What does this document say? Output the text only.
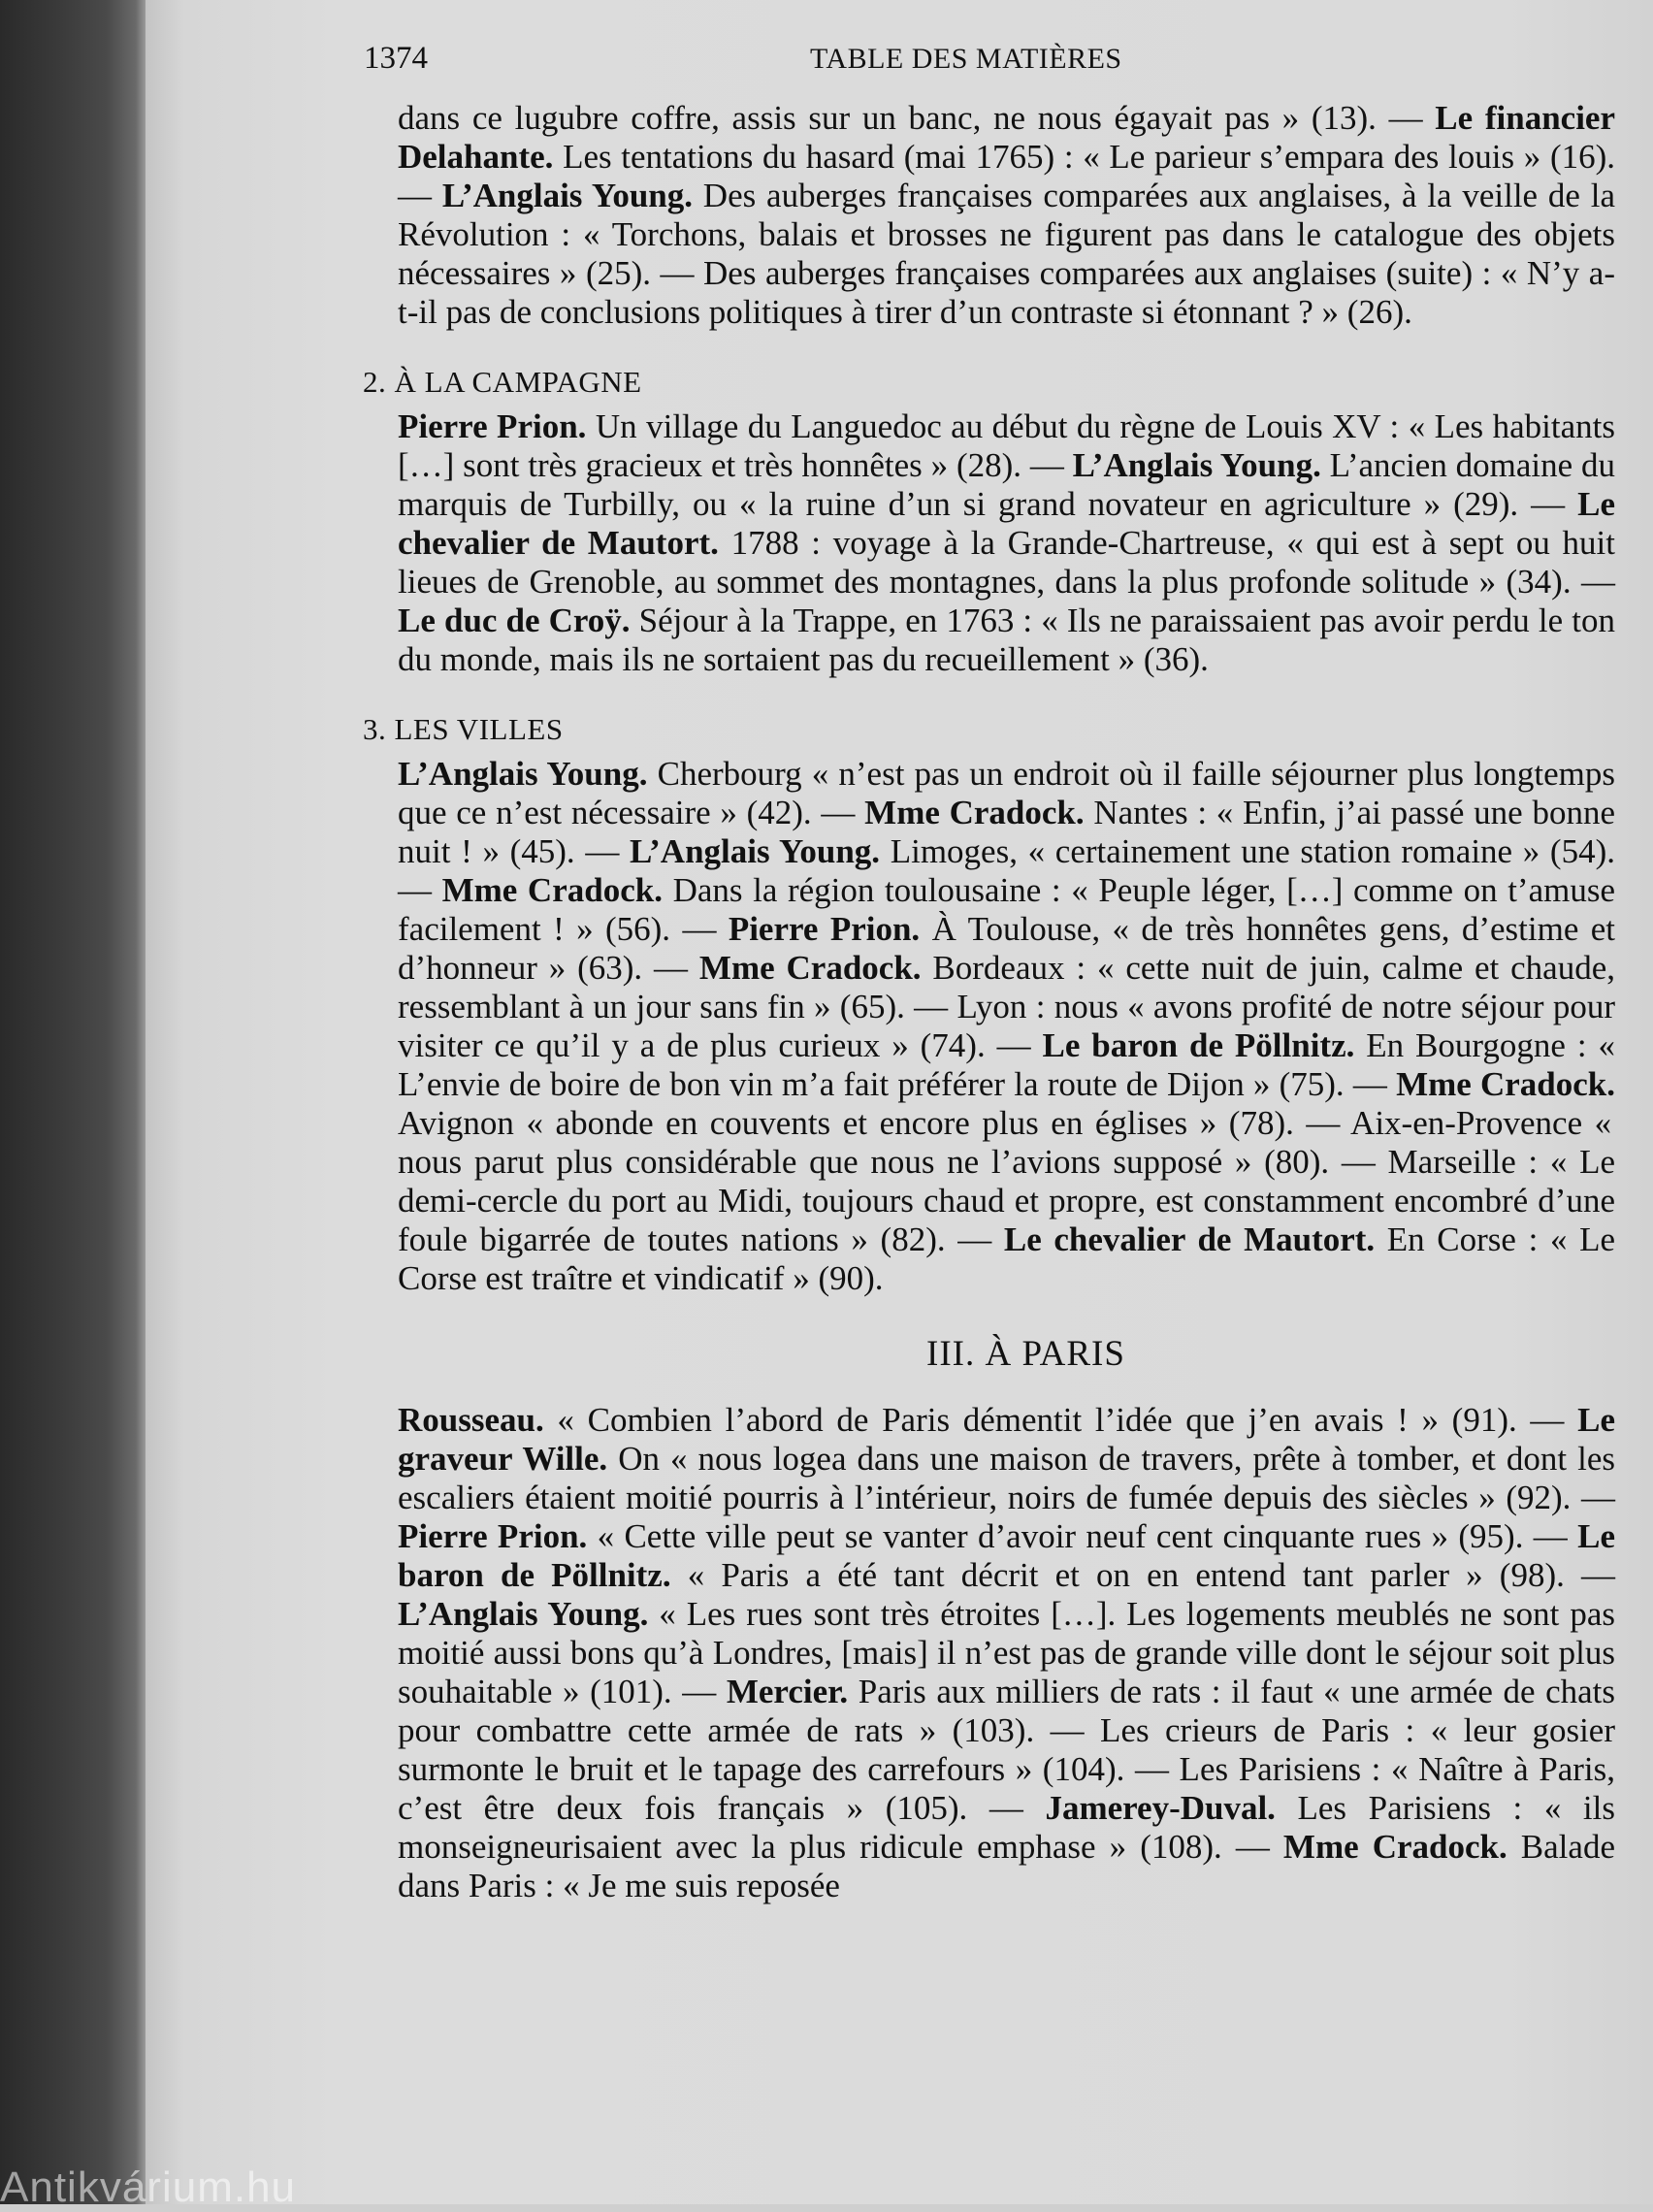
1374	TABLE DES MATIÈRES

dans ce lugubre coffre, assis sur un banc, ne nous égayait pas » (13). — Le financier Delahante. Les tentations du hasard (mai 1765) : « Le parieur s’empara des louis » (16). — L’Anglais Young. Des auberges françaises comparées aux anglaises, à la veille de la Révolution : « Torchons, balais et brosses ne figurent pas dans le catalogue des objets nécessaires » (25). — Des auberges françaises comparées aux anglaises (suite) : « N’y a-t-il pas de conclusions politiques à tirer d’un contraste si étonnant ? » (26).

2. À LA CAMPAGNE

Pierre Prion. Un village du Languedoc au début du règne de Louis XV : « Les habitants […] sont très gracieux et très honnêtes » (28). — L’Anglais Young. L’ancien domaine du marquis de Turbilly, ou « la ruine d’un si grand novateur en agriculture » (29). — Le chevalier de Mautort. 1788 : voyage à la Grande-Chartreuse, « qui est à sept ou huit lieues de Grenoble, au sommet des montagnes, dans la plus profonde solitude » (34). — Le duc de Croÿ. Séjour à la Trappe, en 1763 : « Ils ne paraissaient pas avoir perdu le ton du monde, mais ils ne sortaient pas du recueillement » (36).

3. LES VILLES

L’Anglais Young. Cherbourg « n’est pas un endroit où il faille séjourner plus longtemps que ce n’est nécessaire » (42). — Mme Cradock. Nantes : « Enfin, j’ai passé une bonne nuit ! » (45). — L’Anglais Young. Limoges, « certainement une station romaine » (54). — Mme Cradock. Dans la région toulousaine : « Peuple léger, […] comme on t’amuse facilement ! » (56). — Pierre Prion. À Toulouse, « de très honnêtes gens, d’estime et d’honneur » (63). — Mme Cradock. Bordeaux : « cette nuit de juin, calme et chaude, ressemblant à un jour sans fin » (65). — Lyon : nous « avons profité de notre séjour pour visiter ce qu’il y a de plus curieux » (74). — Le baron de Pöllnitz. En Bourgogne : « L’envie de boire de bon vin m’a fait préférer la route de Dijon » (75). — Mme Cradock. Avignon « abonde en couvents et encore plus en églises » (78). — Aix-en-Provence « nous parut plus considérable que nous ne l’avions supposé » (80). — Marseille : « Le demi-cercle du port au Midi, toujours chaud et propre, est constamment encombré d’une foule bigarrée de toutes nations » (82). — Le chevalier de Mautort. En Corse : « Le Corse est traître et vindicatif » (90).

III. À PARIS

Rousseau. « Combien l’abord de Paris démentit l’idée que j’en avais ! » (91). — Le graveur Wille. On « nous logea dans une maison de travers, prête à tomber, et dont les escaliers étaient moitié pourris à l’intérieur, noirs de fumée depuis des siècles » (92). — Pierre Prion. « Cette ville peut se vanter d’avoir neuf cent cinquante rues » (95). — Le baron de Pöllnitz. « Paris a été tant décrit et on en entend tant parler » (98). — L’Anglais Young. « Les rues sont très étroites […]. Les logements meublés ne sont pas moitié aussi bons qu’à Londres, [mais] il n’est pas de grande ville dont le séjour soit plus souhaitable » (101). — Mercier. Paris aux milliers de rats : il faut « une armée de chats pour combattre cette armée de rats » (103). — Les crieurs de Paris : « leur gosier surmonte le bruit et le tapage des carrefours » (104). — Les Parisiens : « Naître à Paris, c’est être deux fois français » (105). — Jamerey-Duval. Les Parisiens : « ils monseigneurisaient avec la plus ridicule emphase » (108). — Mme Cradock. Balade dans Paris : « Je me suis reposée

Antikvárium.hu
